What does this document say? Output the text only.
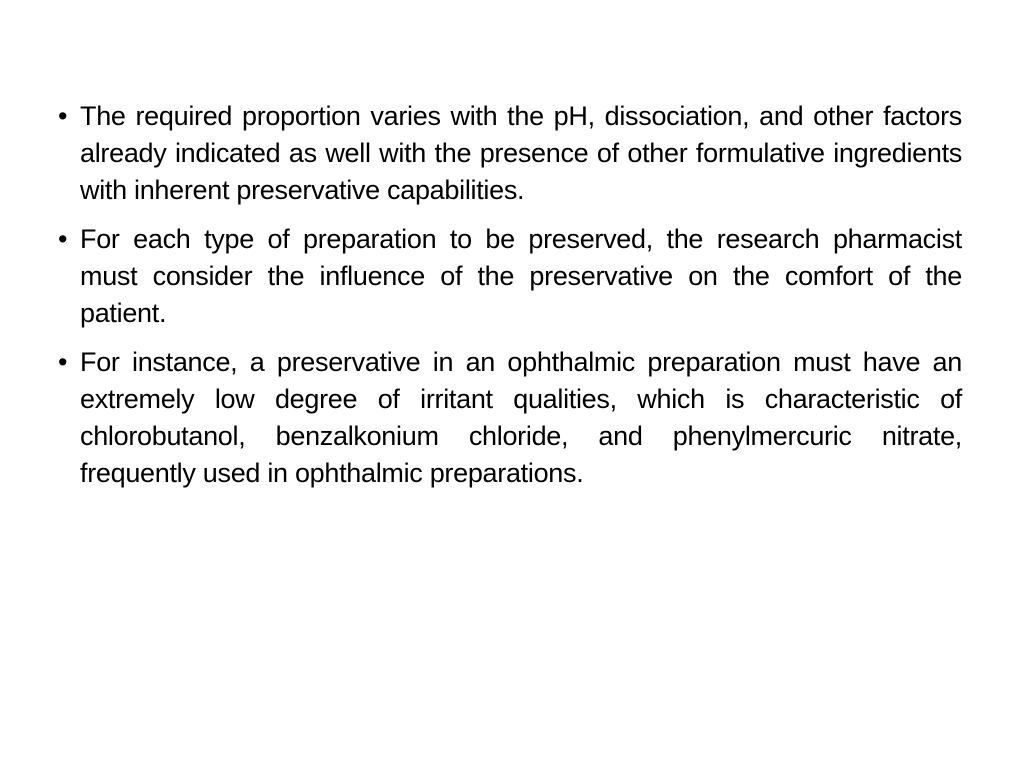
• The required proportion varies with the pH, dissociation, and other factors already indicated as well with the presence of other formulative ingredients with inherent preservative capabilities.
• For each type of preparation to be preserved, the research pharmacist must consider the influence of the preservative on the comfort of the patient.
• For instance, a preservative in an ophthalmic preparation must have an extremely low degree of irritant qualities, which is characteristic of chlorobutanol, benzalkonium chloride, and phenylmercuric nitrate, frequently used in ophthalmic preparations.
